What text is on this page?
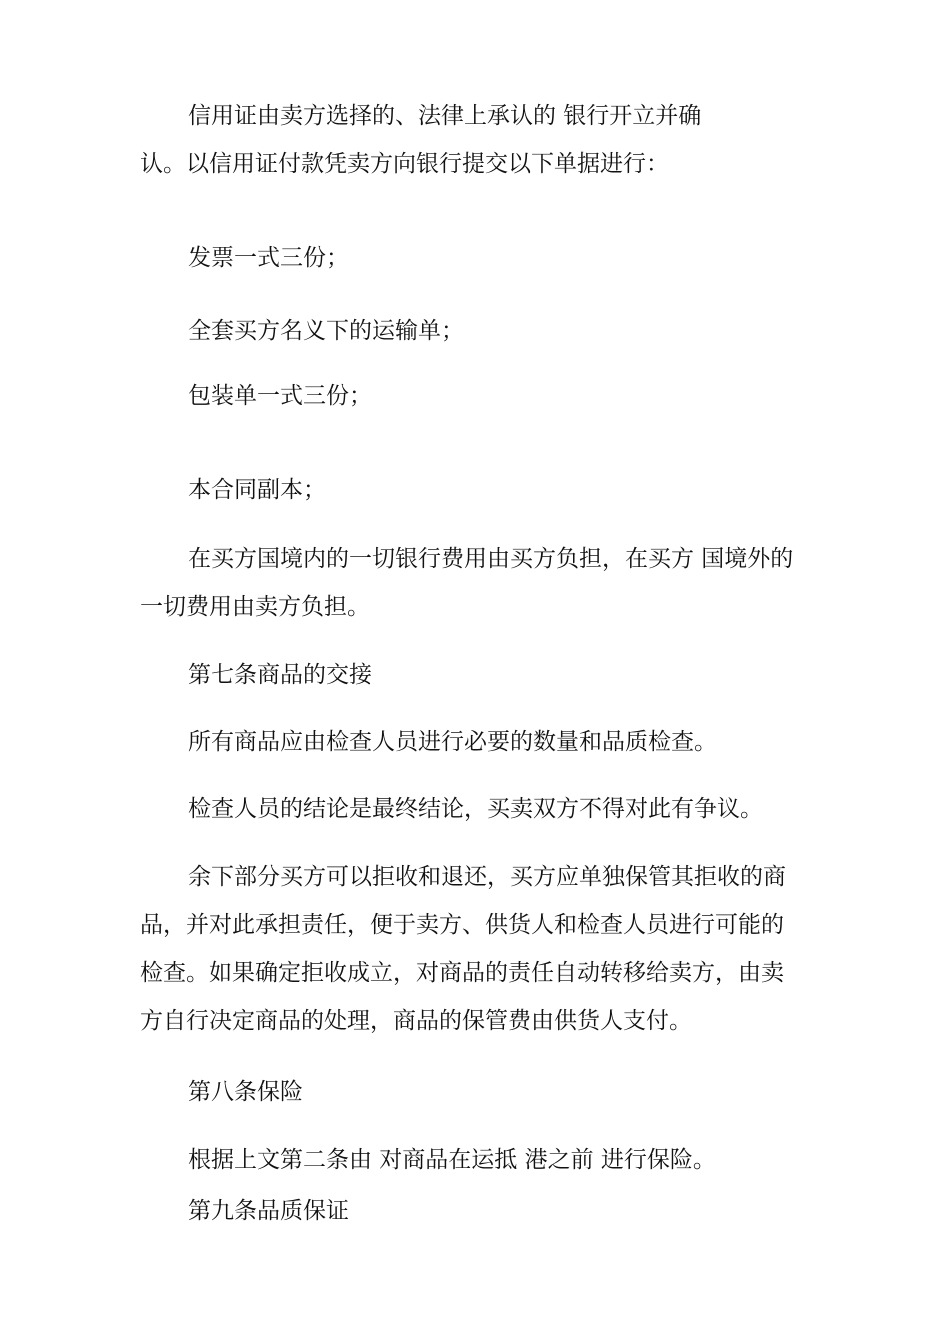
信用证由卖方选择的、法律上承认的 银行开立并确
认。以信用证付款凭卖方向银行提交以下单据进行：
发票一式三份；
全套买方名义下的运输单；
包装单一式三份；
本合同副本；
在买方国境内的一切银行费用由买方负担，在买方 国境外的
一切费用由卖方负担。
第七条商品的交接
所有商品应由检查人员进行必要的数量和品质检查。
检查人员的结论是最终结论，买卖双方不得对此有争议。
余下部分买方可以拒收和退还，买方应单独保管其拒收的商
品，并对此承担责任，便于卖方、供货人和检查人员进行可能的
检查。如果确定拒收成立，对商品的责任自动转移给卖方，由卖
方自行决定商品的处理，商品的保管费由供货人支付。
第八条保险
根据上文第二条由 对商品在运抵 港之前 进行保险。
第九条品质保证
